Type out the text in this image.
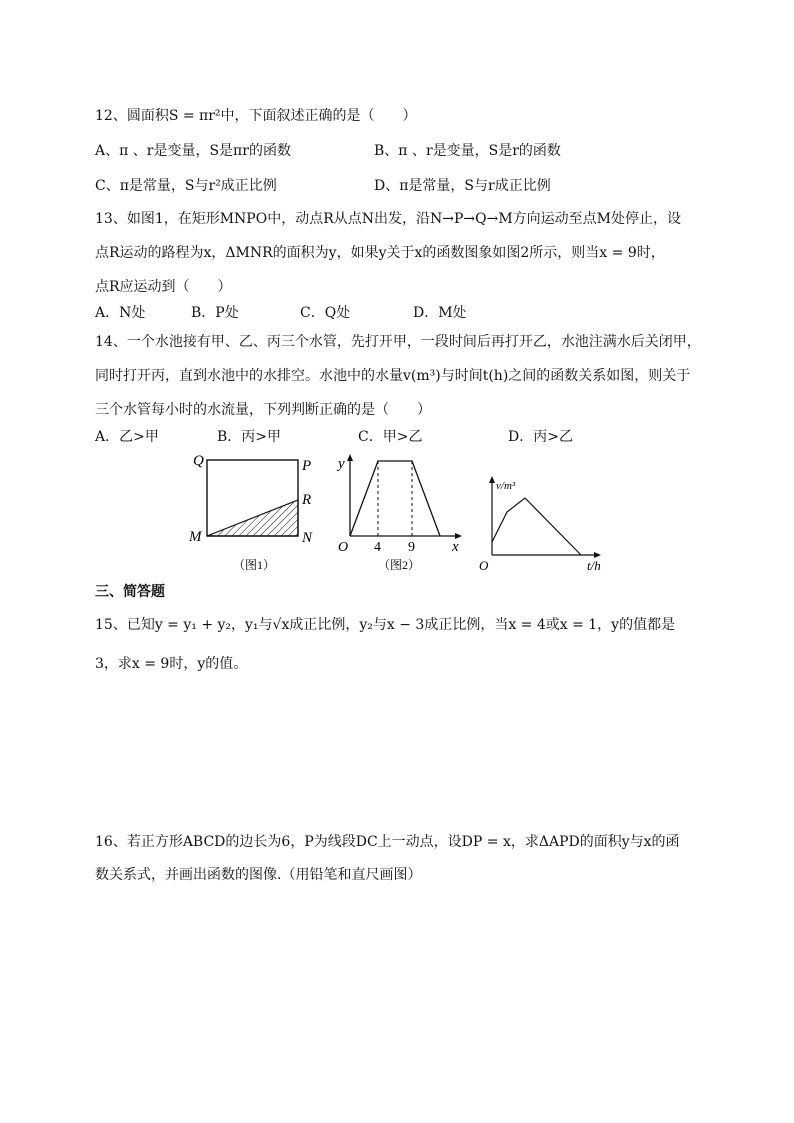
12、圆面积S = πr²中，下面叙述正确的是（　　）
A、π 、r是变量，S是πr的函数	B、π 、r是变量，S是r的函数
C、π是常量，S与r²成正比例	D、π是常量，S与r成正比例
13、如图1，在矩形MNPO中，动点R从点N出发，沿N→P→Q→M方向运动至点M处停止，设
点R运动的路程为x，ΔMNR的面积为y，如果y关于x的函数图象如图2所示，则当x = 9时，
点R应运动到（　　）
A．N处	B．P处	C．Q处	D．M处
14、一个水池接有甲、乙、丙三个水管，先打开甲，一段时间后再打开乙，水池注满水后关闭甲，
同时打开丙，直到水池中的水排空。水池中的水量v(m³)与时间t(h)之间的函数关系如图，则关于
三个水管每小时的水流量，下列判断正确的是（　　）
A．乙>甲	B．丙>甲	C．甲>乙	D．丙>乙
Q	P
R
M	N
（图1）
y
x
O 4 9
（图2）
v/m³
O	t/h
三、简答题
15、已知y = y₁ + y₂，y₁与√x成正比例，y₂与x − 3成正比例，当x = 4或x = 1，y的值都是
3，求x = 9时，y的值。
16、若正方形ABCD的边长为6，P为线段DC上一动点，设DP = x，求ΔAPD的面积y与x的函
数关系式，并画出函数的图像.（用铅笔和直尺画图）
